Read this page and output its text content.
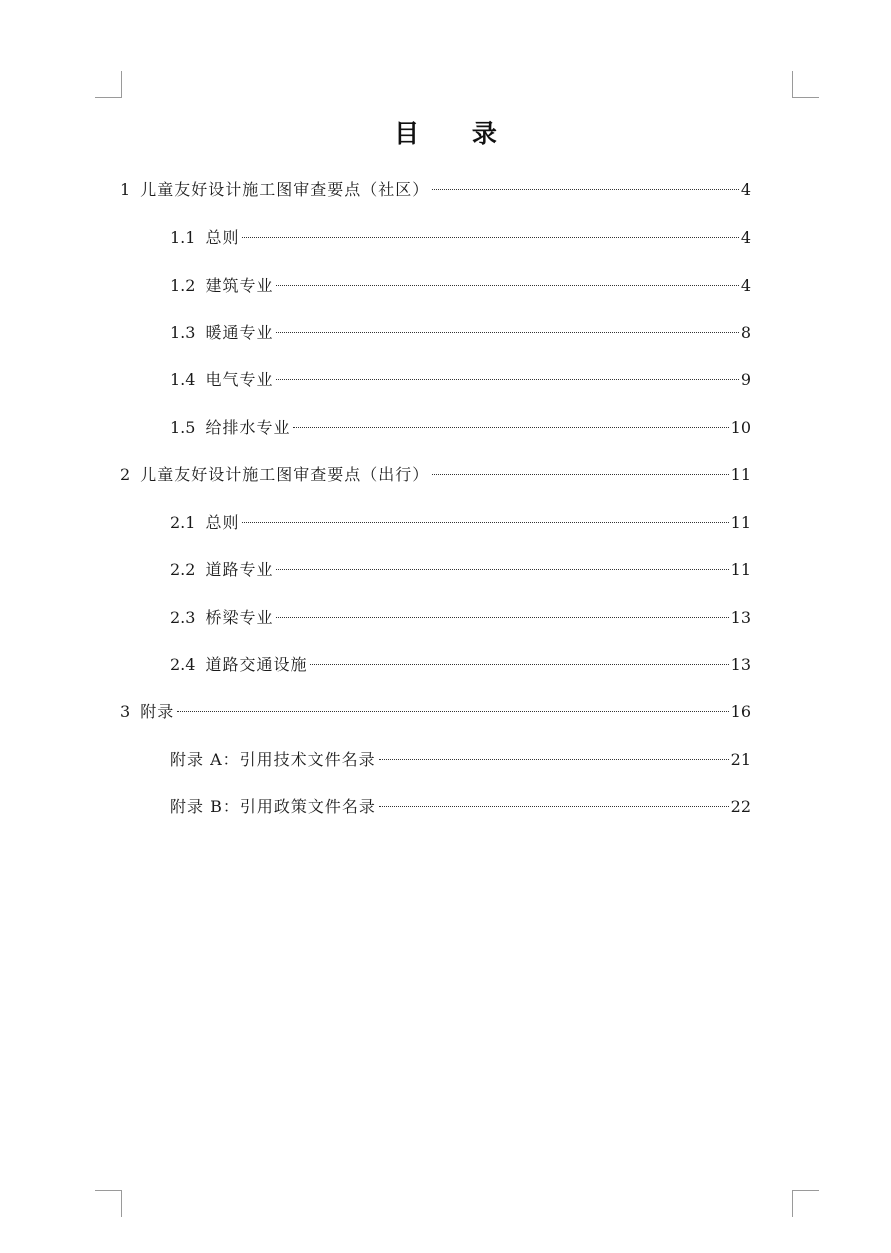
目 录
1 儿童友好设计施工图审查要点（社区）	4
1.1 总则	4
1.2 建筑专业	4
1.3 暖通专业	8
1.4 电气专业	9
1.5 给排水专业	10
2 儿童友好设计施工图审查要点（出行）	11
2.1 总则	11
2.2 道路专业	11
2.3 桥梁专业	13
2.4 道路交通设施	13
3 附录	16
附录 A：引用技术文件名录	21
附录 B：引用政策文件名录	22
